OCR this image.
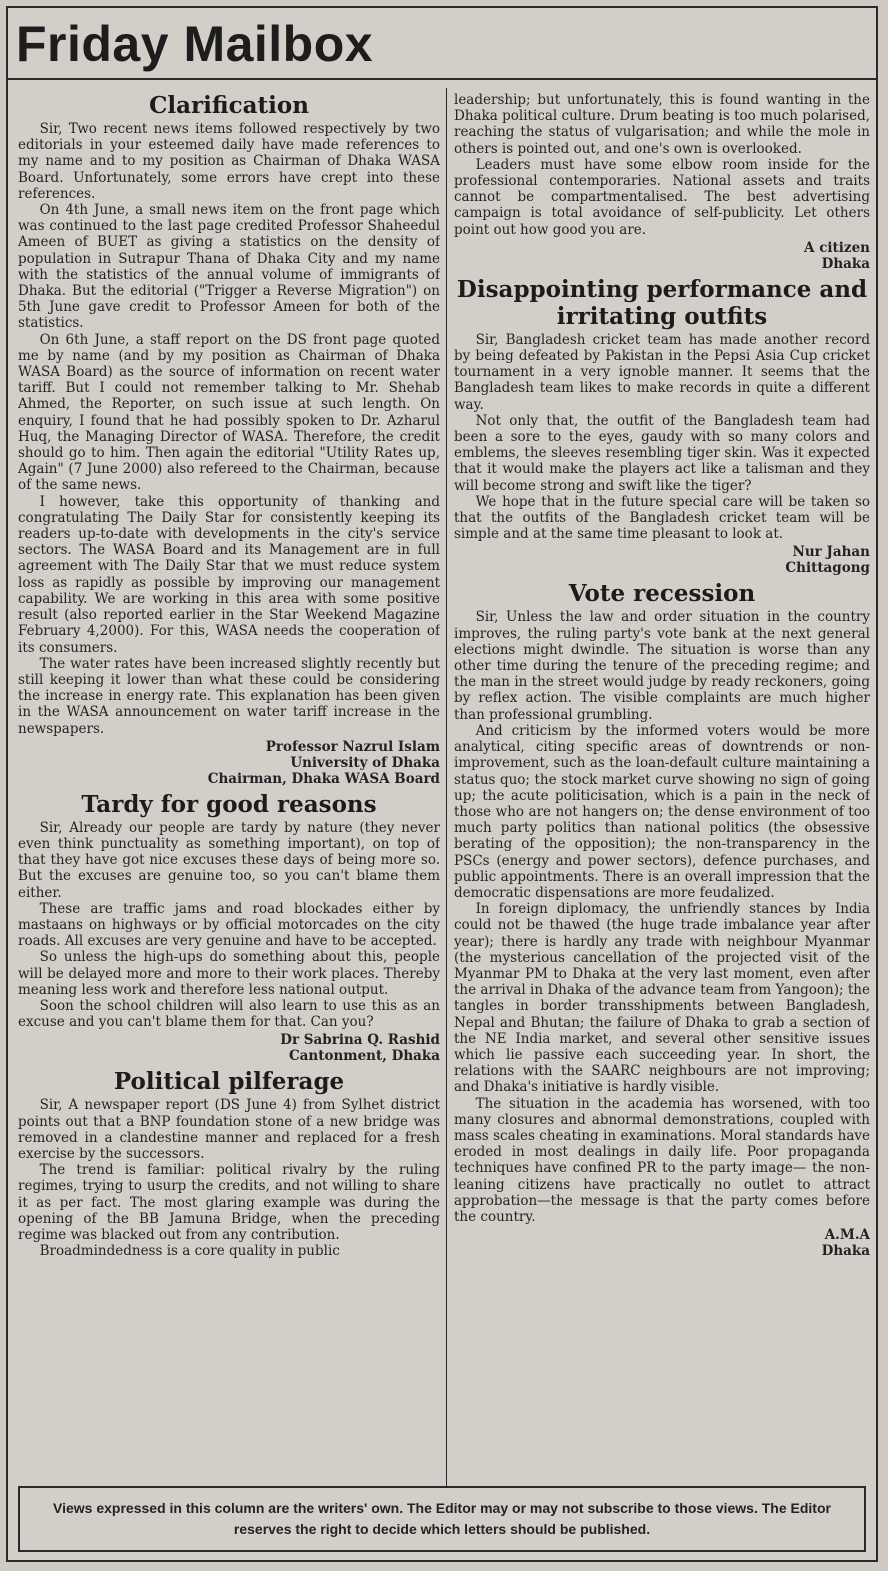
Friday Mailbox
Clarification

Sir, Two recent news items followed respectively by two editorials in your esteemed daily have made references to my name and to my position as Chairman of Dhaka WASA Board. Unfortunately, some errors have crept into these references.

On 4th June, a small news item on the front page which was continued to the last page credited Professor Shaheedul Ameen of BUET as giving a statistics on the density of population in Sutrapur Thana of Dhaka City and my name with the statistics of the annual volume of immigrants of Dhaka. But the editorial ("Trigger a Reverse Migration") on 5th June gave credit to Professor Ameen for both of the statistics.

On 6th June, a staff report on the DS front page quoted me by name (and by my position as Chairman of Dhaka WASA Board) as the source of information on recent water tariff. But I could not remember talking to Mr. Shehab Ahmed, the Reporter, on such issue at such length. On enquiry, I found that he had possibly spoken to Dr. Azharul Huq, the Managing Director of WASA. Therefore, the credit should go to him. Then again the editorial "Utility Rates up, Again" (7 June 2000) also refereed to the Chairman, because of the same news.

I however, take this opportunity of thanking and congratulating The Daily Star for consistently keeping its readers up-to-date with developments in the city's service sectors. The WASA Board and its Management are in full agreement with The Daily Star that we must reduce system loss as rapidly as possible by improving our management capability. We are working in this area with some positive result (also reported earlier in the Star Weekend Magazine February 4,2000). For this, WASA needs the cooperation of its consumers.

The water rates have been increased slightly recently but still keeping it lower than what these could be considering the increase in energy rate. This explanation has been given in the WASA announcement on water tariff increase in the newspapers.

Professor Nazrul Islam
University of Dhaka
Chairman, Dhaka WASA Board
Tardy for good reasons

Sir, Already our people are tardy by nature (they never even think punctuality as something important), on top of that they have got nice excuses these days of being more so. But the excuses are genuine too, so you can't blame them either.

These are traffic jams and road blockades either by mastaans on highways or by official motorcades on the city roads. All excuses are very genuine and have to be accepted.

So unless the high-ups do something about this, people will be delayed more and more to their work places. Thereby meaning less work and therefore less national output.

Soon the school children will also learn to use this as an excuse and you can't blame them for that. Can you?

Dr Sabrina Q. Rashid
Cantonment, Dhaka
Political pilferage

Sir, A newspaper report (DS June 4) from Sylhet district points out that a BNP foundation stone of a new bridge was removed in a clandestine manner and replaced for a fresh exercise by the successors.

The trend is familiar: political rivalry by the ruling regimes, trying to usurp the credits, and not willing to share it as per fact. The most glaring example was during the opening of the BB Jamuna Bridge, when the preceding regime was blacked out from any contribution.

Broadmindedness is a core quality in public

leadership; but unfortunately, this is found wanting in the Dhaka political culture. Drum beating is too much polarised, reaching the status of vulgarisation; and while the mole in others is pointed out, and one's own is overlooked.

Leaders must have some elbow room inside for the professional contemporaries. National assets and traits cannot be compartmentalised. The best advertising campaign is total avoidance of self-publicity. Let others point out how good you are.

A citizen
Dhaka
Disappointing performance and irritating outfits

Sir, Bangladesh cricket team has made another record by being defeated by Pakistan in the Pepsi Asia Cup cricket tournament in a very ignoble manner. It seems that the Bangladesh team likes to make records in quite a different way.

Not only that, the outfit of the Bangladesh team had been a sore to the eyes, gaudy with so many colors and emblems, the sleeves resembling tiger skin. Was it expected that it would make the players act like a talisman and they will become strong and swift like the tiger?

We hope that in the future special care will be taken so that the outfits of the Bangladesh cricket team will be simple and at the same time pleasant to look at.

Nur Jahan
Chittagong
Vote recession

Sir, Unless the law and order situation in the country improves, the ruling party's vote bank at the next general elections might dwindle. The situation is worse than any other time during the tenure of the preceding regime; and the man in the street would judge by ready reckoners, going by reflex action. The visible complaints are much higher than professional grumbling.

And criticism by the informed voters would be more analytical, citing specific areas of downtrends or non-improvement, such as the loan-default culture maintaining a status quo; the stock market curve showing no sign of going up; the acute politicisation, which is a pain in the neck of those who are not hangers on; the dense environment of too much party politics than national politics (the obsessive berating of the opposition); the non-transparency in the PSCs (energy and power sectors), defence purchases, and public appointments. There is an overall impression that the democratic dispensations are more feudalized.

In foreign diplomacy, the unfriendly stances by India could not be thawed (the huge trade imbalance year after year); there is hardly any trade with neighbour Myanmar (the mysterious cancellation of the projected visit of the Myanmar PM to Dhaka at the very last moment, even after the arrival in Dhaka of the advance team from Yangoon); the tangles in border transshipments between Bangladesh, Nepal and Bhutan; the failure of Dhaka to grab a section of the NE India market, and several other sensitive issues which lie passive each succeeding year. In short, the relations with the SAARC neighbours are not improving; and Dhaka's initiative is hardly visible.

The situation in the academia has worsened, with too many closures and abnormal demonstrations, coupled with mass scales cheating in examinations. Moral standards have eroded in most dealings in daily life. Poor propaganda techniques have confined PR to the party image— the non-leaning citizens have practically no outlet to attract approbation—the message is that the party comes before the country.

A.M.A
Dhaka
Views expressed in this column are the writers' own. The Editor may or may not subscribe to those views. The Editor reserves the right to decide which letters should be published.
